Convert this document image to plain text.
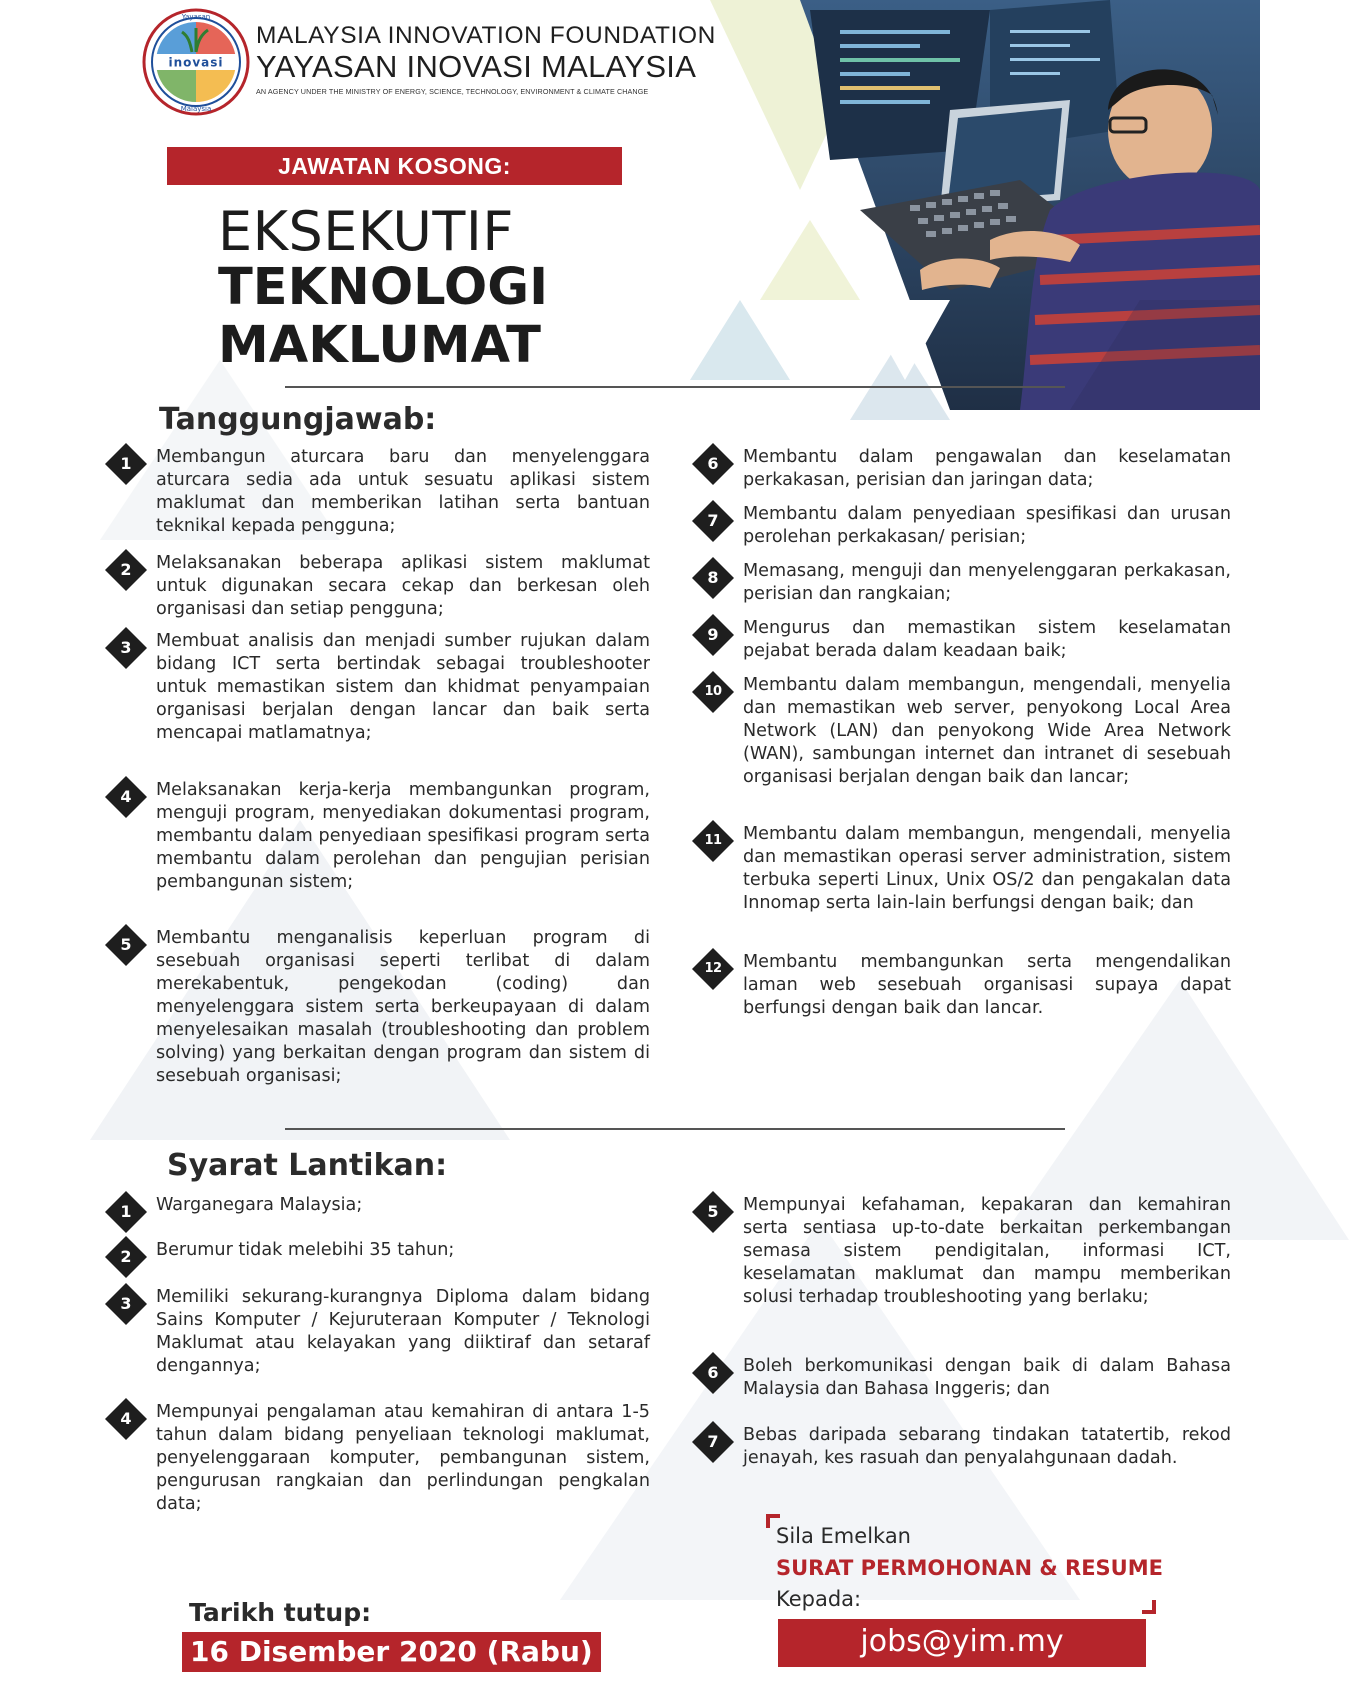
inovasi
Yayasan
Malaysia
MALAYSIA INNOVATION FOUNDATION
YAYASAN INOVASI MALAYSIA
AN AGENCY UNDER THE MINISTRY OF ENERGY, SCIENCE, TECHNOLOGY, ENVIRONMENT & CLIMATE CHANGE
JAWATAN KOSONG:
EKSEKUTIF
TEKNOLOGI
MAKLUMAT
Tanggungjawab:
1	Membangun aturcara baru dan menyelenggara aturcara sedia ada untuk sesuatu aplikasi sistem maklumat dan memberikan latihan serta bantuan teknikal kepada pengguna;
2	Melaksanakan beberapa aplikasi sistem maklumat untuk digunakan secara cekap dan berkesan oleh organisasi dan setiap pengguna;
3	Membuat analisis dan menjadi sumber rujukan dalam bidang ICT serta bertindak sebagai troubleshooter untuk memastikan sistem dan khidmat penyampaian organisasi berjalan dengan lancar dan baik serta mencapai matlamatnya;
4	Melaksanakan kerja-kerja membangunkan program, menguji program, menyediakan dokumentasi program, membantu dalam penyediaan spesifikasi program serta membantu dalam perolehan dan pengujian perisian pembangunan sistem;
5	Membantu menganalisis keperluan program di sesebuah organisasi seperti terlibat di dalam merekabentuk, pengekodan (coding) dan menyelenggara sistem serta berkeupayaan di dalam menyelesaikan masalah (troubleshooting dan problem solving) yang berkaitan dengan program dan sistem di sesebuah organisasi;
6	Membantu dalam pengawalan dan keselamatan perkakasan, perisian dan jaringan data;
7	Membantu dalam penyediaan spesifikasi dan urusan perolehan perkakasan/ perisian;
8	Memasang, menguji dan menyelenggaran perkakasan, perisian dan rangkaian;
9	Mengurus dan memastikan sistem keselamatan pejabat berada dalam keadaan baik;
10	Membantu dalam membangun, mengendali, menyelia dan memastikan web server, penyokong Local Area Network (LAN) dan penyokong Wide Area Network (WAN), sambungan internet dan intranet di sesebuah organisasi berjalan dengan baik dan lancar;
11	Membantu dalam membangun, mengendali, menyelia dan memastikan operasi server administration, sistem terbuka seperti Linux, Unix OS/2 dan pengakalan data Innomap serta lain-lain berfungsi dengan baik; dan
12	Membantu membangunkan serta mengendalikan laman web sesebuah organisasi supaya dapat berfungsi dengan baik dan lancar.
Syarat Lantikan:
1	Warganegara Malaysia;
2	Berumur tidak melebihi 35 tahun;
3	Memiliki sekurang-kurangnya Diploma dalam bidang Sains Komputer / Kejuruteraan Komputer / Teknologi Maklumat atau kelayakan yang diiktiraf dan setaraf dengannya;
4	Mempunyai pengalaman atau kemahiran di antara 1-5 tahun dalam bidang penyeliaan teknologi maklumat, penyelenggaraan komputer, pembangunan sistem, pengurusan rangkaian dan perlindungan pengkalan data;
5	Mempunyai kefahaman, kepakaran dan kemahiran serta sentiasa up-to-date berkaitan perkembangan semasa sistem pendigitalan, informasi ICT, keselamatan maklumat dan mampu memberikan solusi terhadap troubleshooting yang berlaku;
6	Boleh berkomunikasi dengan baik di dalam Bahasa Malaysia dan Bahasa Inggeris; dan
7	Bebas daripada sebarang tindakan tatatertib, rekod jenayah, kes rasuah dan penyalahgunaan dadah.
Tarikh tutup:
16 Disember 2020 (Rabu)
Sila Emelkan
SURAT PERMOHONAN & RESUME
Kepada:
jobs@yim.my
